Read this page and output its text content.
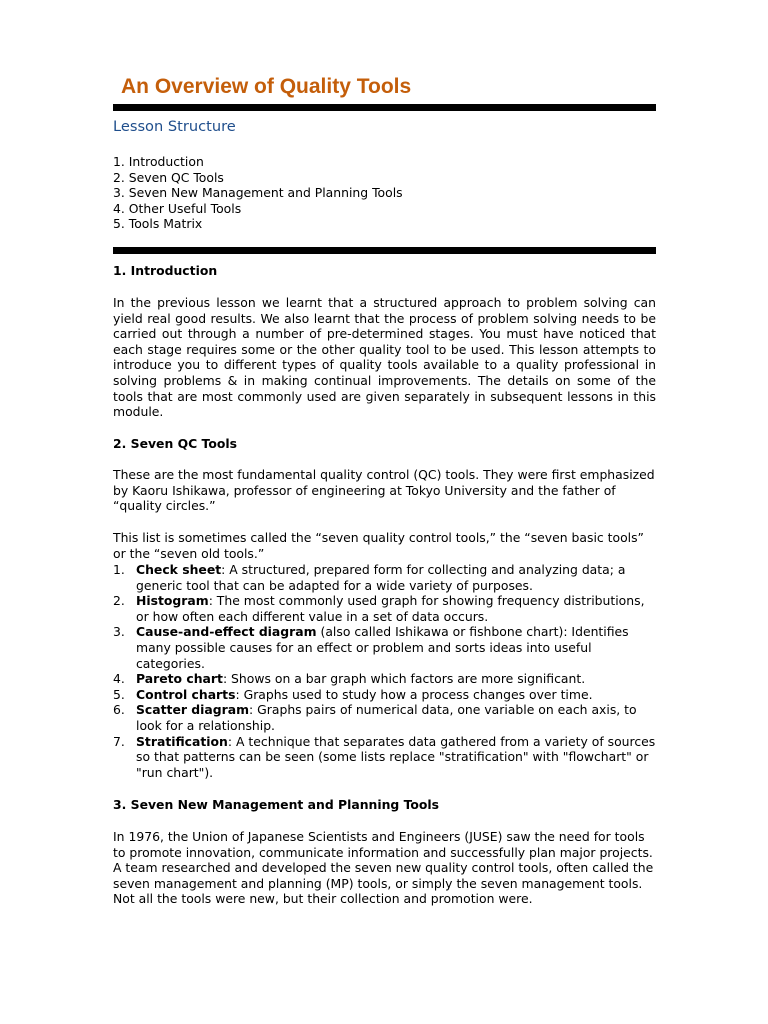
An Overview of Quality Tools
Lesson Structure
1. Introduction
2. Seven QC Tools
3. Seven New Management and Planning Tools
4. Other Useful Tools
5. Tools Matrix
1. Introduction

In the previous lesson we learnt that a structured approach to problem solving can yield real good results. We also learnt that the process of problem solving needs to be carried out through a number of pre-determined stages. You must have noticed that each stage requires some or the other quality tool to be used. This lesson attempts to introduce you to different types of quality tools available to a quality professional in solving problems & in making continual improvements. The details on some of the tools that are most commonly used are given separately in subsequent lessons in this module.

2. Seven QC Tools

These are the most fundamental quality control (QC) tools. They were first emphasized by Kaoru Ishikawa, professor of engineering at Tokyo University and the father of “quality circles.”

This list is sometimes called the “seven quality control tools,” the “seven basic tools” or the “seven old tools.”

1. Check sheet: A structured, prepared form for collecting and analyzing data; a generic tool that can be adapted for a wide variety of purposes.
2. Histogram: The most commonly used graph for showing frequency distributions, or how often each different value in a set of data occurs.
3. Cause-and-effect diagram (also called Ishikawa or fishbone chart): Identifies many possible causes for an effect or problem and sorts ideas into useful categories.
4. Pareto chart: Shows on a bar graph which factors are more significant.
5. Control charts: Graphs used to study how a process changes over time.
6. Scatter diagram: Graphs pairs of numerical data, one variable on each axis, to look for a relationship.
7. Stratification: A technique that separates data gathered from a variety of sources so that patterns can be seen (some lists replace "stratification" with "flowchart" or "run chart").
3. Seven New Management and Planning Tools

In 1976, the Union of Japanese Scientists and Engineers (JUSE) saw the need for tools to promote innovation, communicate information and successfully plan major projects. A team researched and developed the seven new quality control tools, often called the seven management and planning (MP) tools, or simply the seven management tools. Not all the tools were new, but their collection and promotion were.
